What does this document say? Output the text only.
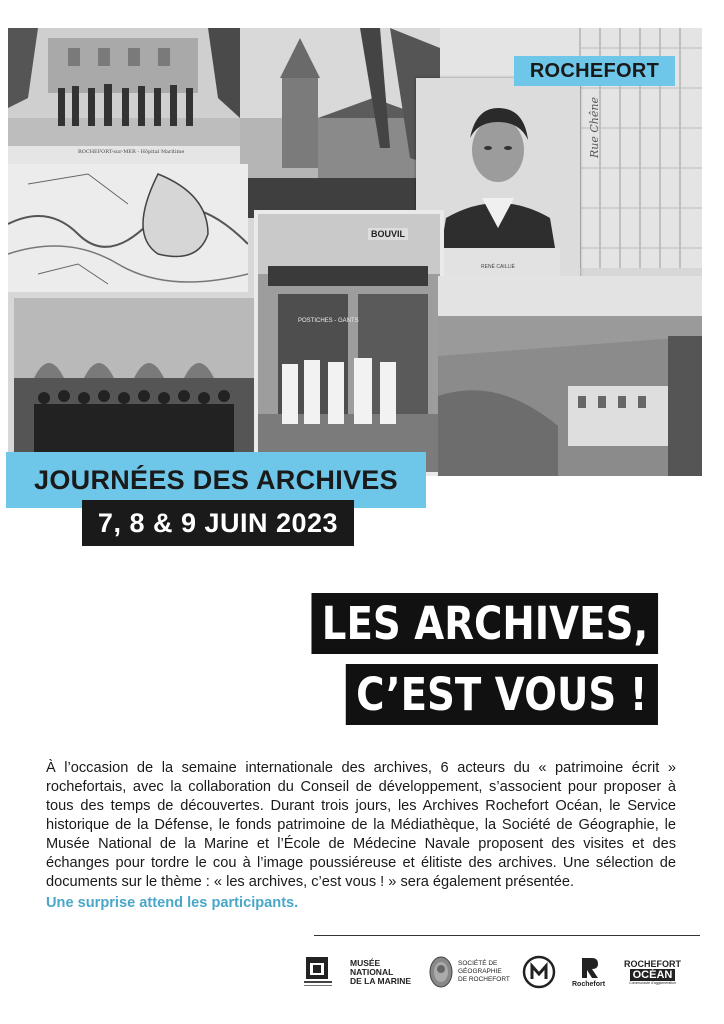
ROCHEFORT-sur-MER - Hôpital Maritime	Rue Chêne
RENÉ CAILLIÉ
BOUVIL
POSTICHES - GANTS
ROCHEFORT
JOURNÉES DES ARCHIVES
7, 8 & 9 JUIN 2023
LES ARCHIVES,
C’EST VOUS !

À l’occasion de la semaine internationale des archives, 6 acteurs du « patrimoine écrit » rochefortais, avec la collaboration du Conseil de développement, s’associent pour proposer à tous des temps de découvertes. Durant trois jours, les Archives Rochefort Océan, le Service historique de la Défense, le fonds patrimoine de la Médiathèque, la Société de Géographie, le Musée National de la Marine et l’École de Médecine Navale proposent des visites et des échanges pour tordre le cou à l’image poussiéreuse et élitiste des archives. Une sélection de documents sur le thème : « les archives, c’est vous ! » sera également présentée.

Une surprise attend les participants.

MUSÉE
NATIONAL
DE LA MARINE
SOCIÉTÉ DE
GÉOGRAPHIE
DE ROCHEFORT
Rochefort
ROCHEFORT
OCÉAN
Communauté d’agglomération
